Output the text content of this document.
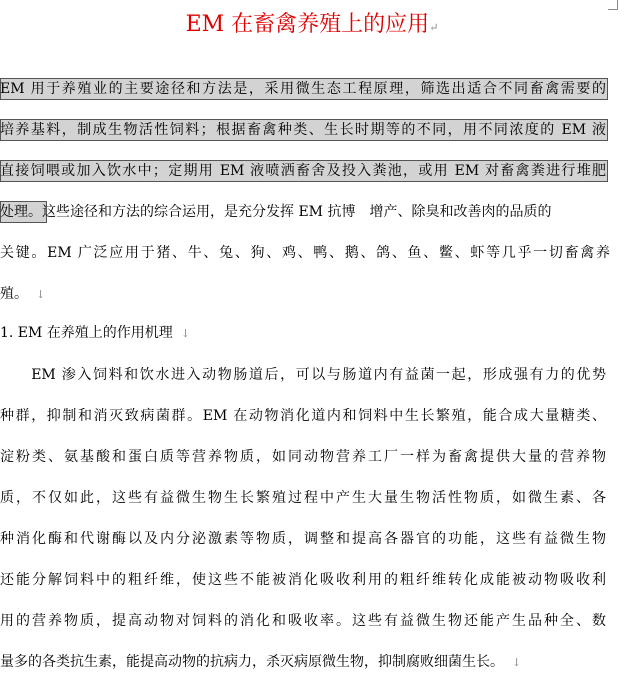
EM 在畜禽养殖上的应用↵
EM 用于养殖业的主要途径和方法是，采用微生态工程原理，筛选出适合不同畜禽需要的
培养基料，制成生物活性饲料；根据畜禽种类、生长时期等的不同，用不同浓度的 EM 液
直接饲喂或加入饮水中；定期用 EM 液喷洒畜舍及投入粪池，或用 EM 对畜禽粪进行堆肥
处理。这些途径和方法的综合运用，是充分发挥 EM 抗博　增产、除臭和改善肉的品质的
关键。EM 广泛应用于猪、牛、兔、狗、鸡、鸭、鹅、鸽、鱼、鳖、虾等几乎一切畜禽养
殖。 ↓
1. EM 在养殖上的作用机理 ↓
　　EM 渗入饲料和饮水进入动物肠道后，可以与肠道内有益菌一起，形成强有力的优势
种群，抑制和消灭致病菌群。EM 在动物消化道内和饲料中生长繁殖，能合成大量糖类、
淀粉类、氨基酸和蛋白质等营养物质，如同动物营养工厂一样为畜禽提供大量的营养物
质，不仅如此，这些有益微生物生长繁殖过程中产生大量生物活性物质，如微生素、各
种消化酶和代谢酶以及内分泌激素等物质，调整和提高各器官的功能，这些有益微生物
还能分解饲料中的粗纤维，使这些不能被消化吸收利用的粗纤维转化成能被动物吸收利
用的营养物质，提高动物对饲料的消化和吸收率。这些有益微生物还能产生品种全、数
量多的各类抗生素，能提高动物的抗病力，杀灭病原微生物，抑制腐败细菌生长。 ↓
